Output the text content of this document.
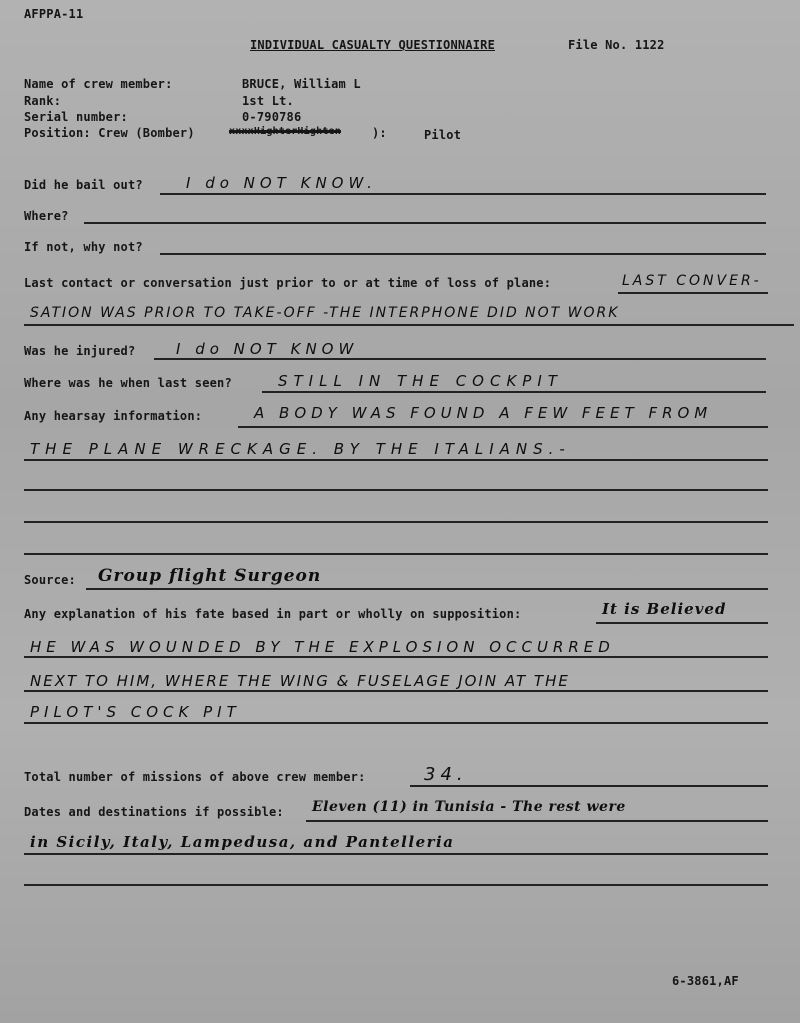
AFPPA-11
INDIVIDUAL CASUALTY QUESTIONNAIRE	File No. 1122
Name of crew member:	BRUCE, William L
Rank:	1st Lt.
Serial number:	0-790786
Position: Crew (Bomber)	xxxxHighterHighten	):	Pilot
Did he bail out?	I do NOT KNOW.
Where?
If not, why not?
Last contact or conversation just prior to or at time of loss of plane:	LAST CONVER-
SATION WAS PRIOR TO TAKE-OFF -THE INTERPHONE DID NOT WORK
Was he injured?	I do NOT KNOW
Where was he when last seen?	STILL IN THE COCKPIT
Any hearsay information:	A BODY WAS FOUND A FEW FEET FROM
THE PLANE WRECKAGE. BY THE ITALIANS.-
Source: Group flight Surgeon
Any explanation of his fate based in part or wholly on supposition:	It is Believed
HE WAS WOUNDED BY THE EXPLOSION OCCURRED
NEXT TO HIM, WHERE THE WING & FUSELAGE JOIN AT THE
PILOT'S COCK PIT
Total number of missions of above crew member:	34.
Dates and destinations if possible: Eleven (11) in Tunisia - The rest were
in Sicily, Italy, Lampedusa, and Pantelleria
6-3861,AF
